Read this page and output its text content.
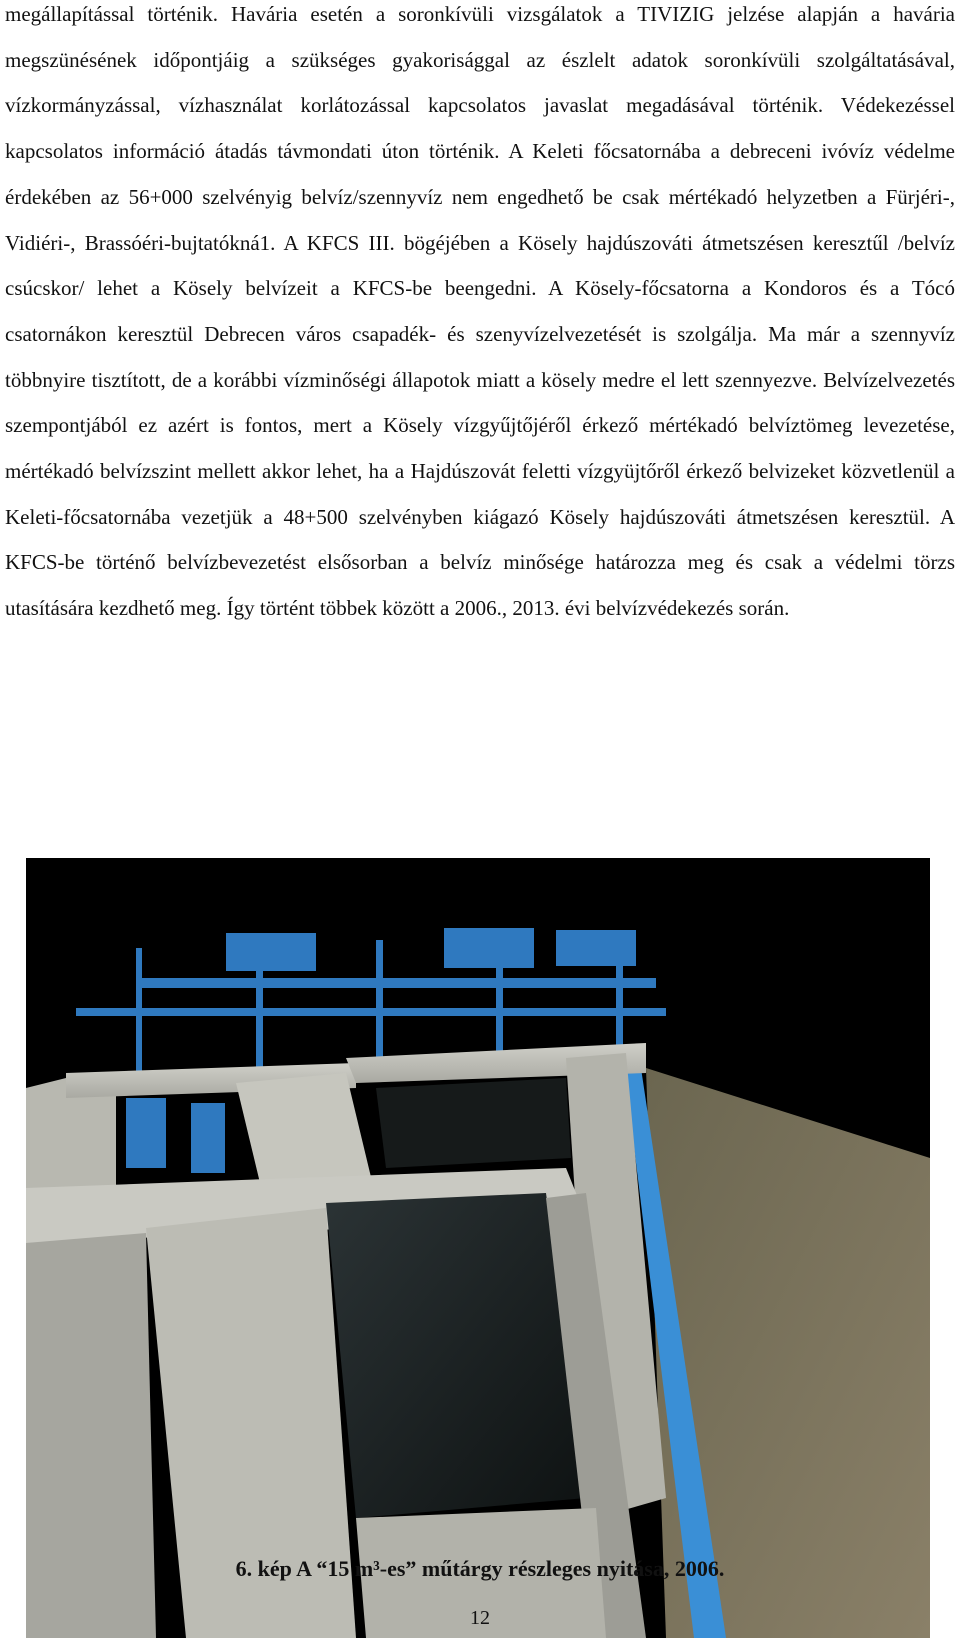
megállapítással történik. Havária esetén a soronkívüli vizsgálatok a TIVIZIG jelzése alapján a havária megszünésének időpontjáig a szükséges gyakorisággal az észlelt adatok soronkívüli szolgáltatásával, vízkormányzással, vízhasználat korlátozással kapcsolatos javaslat megadásával történik. Védekezéssel kapcsolatos információ átadás távmondati úton történik. A Keleti főcsatornába a debreceni ivóvíz védelme érdekében az 56+000 szelvényig belvíz/szennyvíz nem engedhető be csak mértékadó helyzetben a Fürjéri-, Vidiéri-, Brassóéri-bujtatókná1. A KFCS III. bögéjében a Kösely hajdúszováti átmetszésen keresztűl /belvíz csúcskor/ lehet a Kösely belvízeit a KFCS-be beengedni. A Kösely-főcsatorna a Kondoros és a Tócó csatornákon keresztül Debrecen város csapadék- és szenyvízelvezetését is szolgálja. Ma már a szennyvíz többnyire tisztított, de a korábbi vízminőségi állapotok miatt a kösely medre el lett szennyezve. Belvízelvezetés szempontjából ez azért is fontos, mert a Kösely vízgyűjtőjéről érkező mértékadó belvíztömeg levezetése, mértékadó belvízszint mellett akkor lehet, ha a Hajdúszovát feletti vízgyüjtőről érkező belvizeket közvetlenül a Keleti-főcsatornába vezetjük a 48+500 szelvényben kiágazó Kösely hajdúszováti átmetszésen keresztül. A KFCS-be történő belvízbevezetést elsősorban a belvíz minősége határozza meg és csak a védelmi törzs utasítására kezdhető meg. Így történt többek között a 2006., 2013. évi belvízvédekezés során.

6. kép A “15 m³-es” műtárgy részleges nyitása, 2006.

12
